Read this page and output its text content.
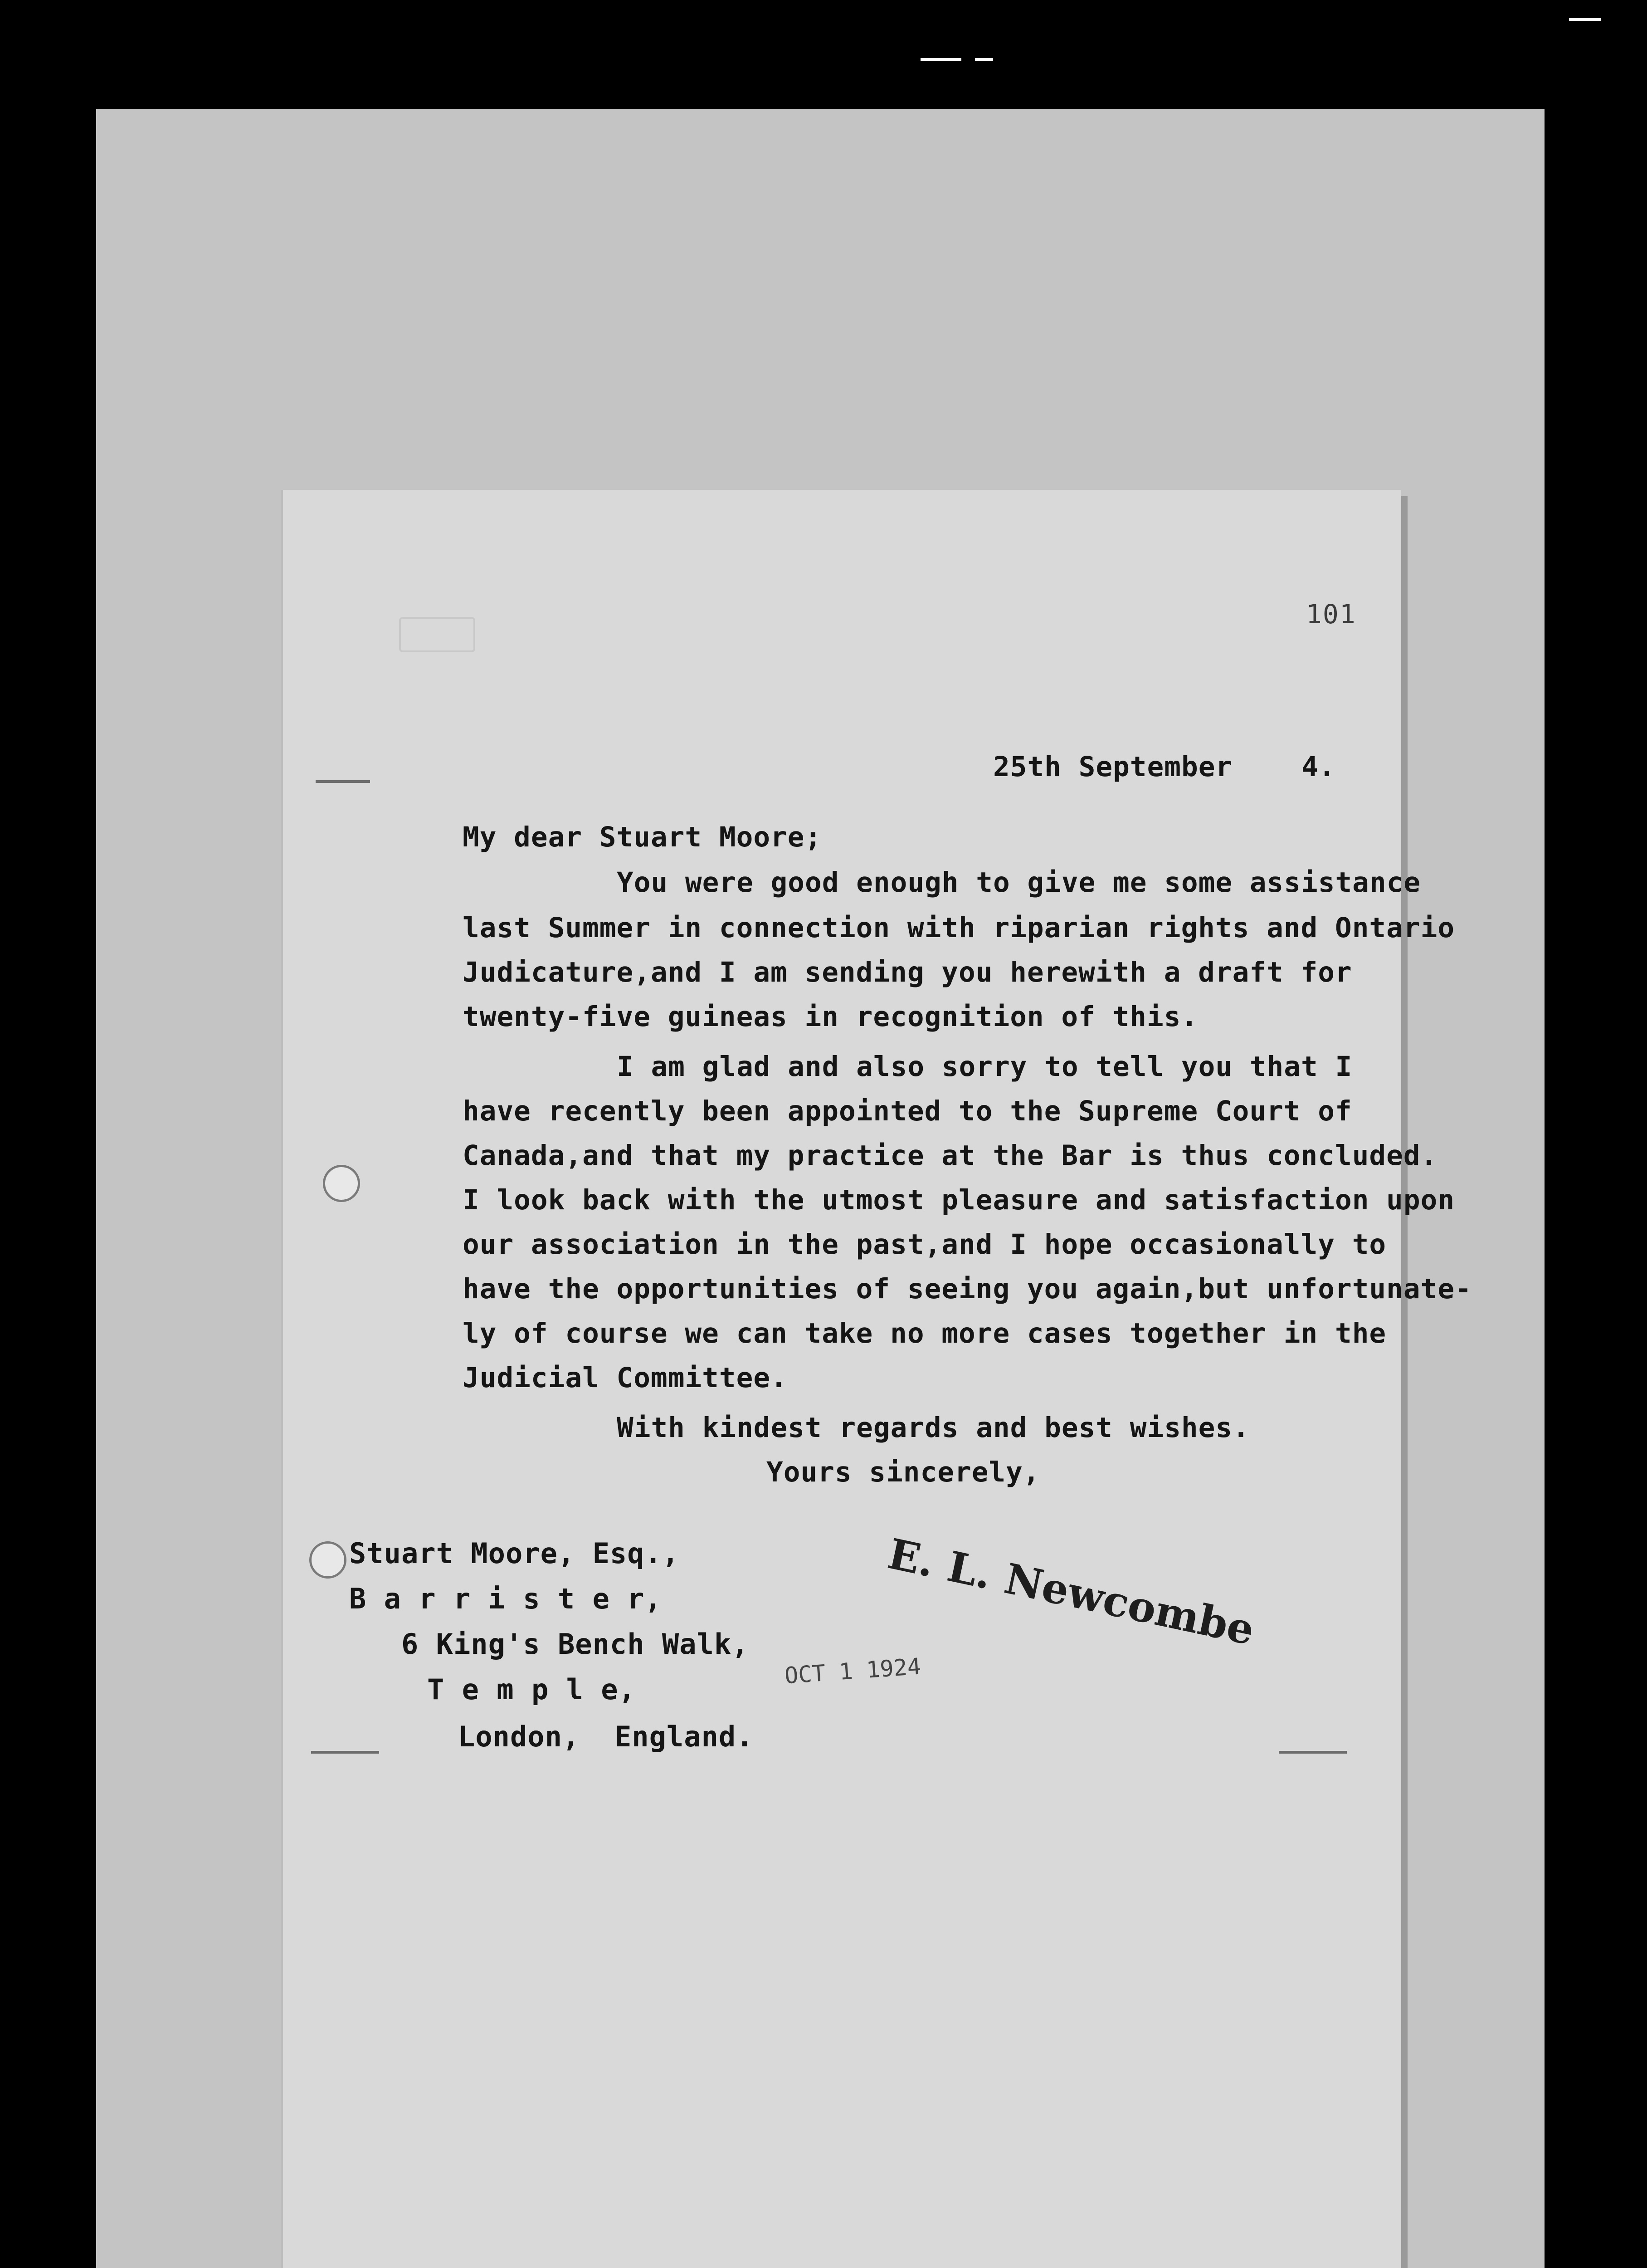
101
25th September 4.
My dear Stuart Moore;
You were good enough to give me some assistance
last Summer in connection with riparian rights and Ontario
Judicature,and I am sending you herewith a draft for
twenty-five guineas in recognition of this.
I am glad and also sorry to tell you that I
have recently been appointed to the Supreme Court of
Canada,and that my practice at the Bar is thus concluded.
I look back with the utmost pleasure and satisfaction upon
our association in the past,and I hope occasionally to
have the opportunities of seeing you again,but unfortunate-
ly of course we can take no more cases together in the
Judicial Committee.
With kindest regards and best wishes.
Yours sincerely,
Stuart Moore, Esq.,
B a r r i s t e r,
6 King's Bench Walk,
T e m p l e,
London,  England.
E. L. Newcombe
OCT 1 1924
